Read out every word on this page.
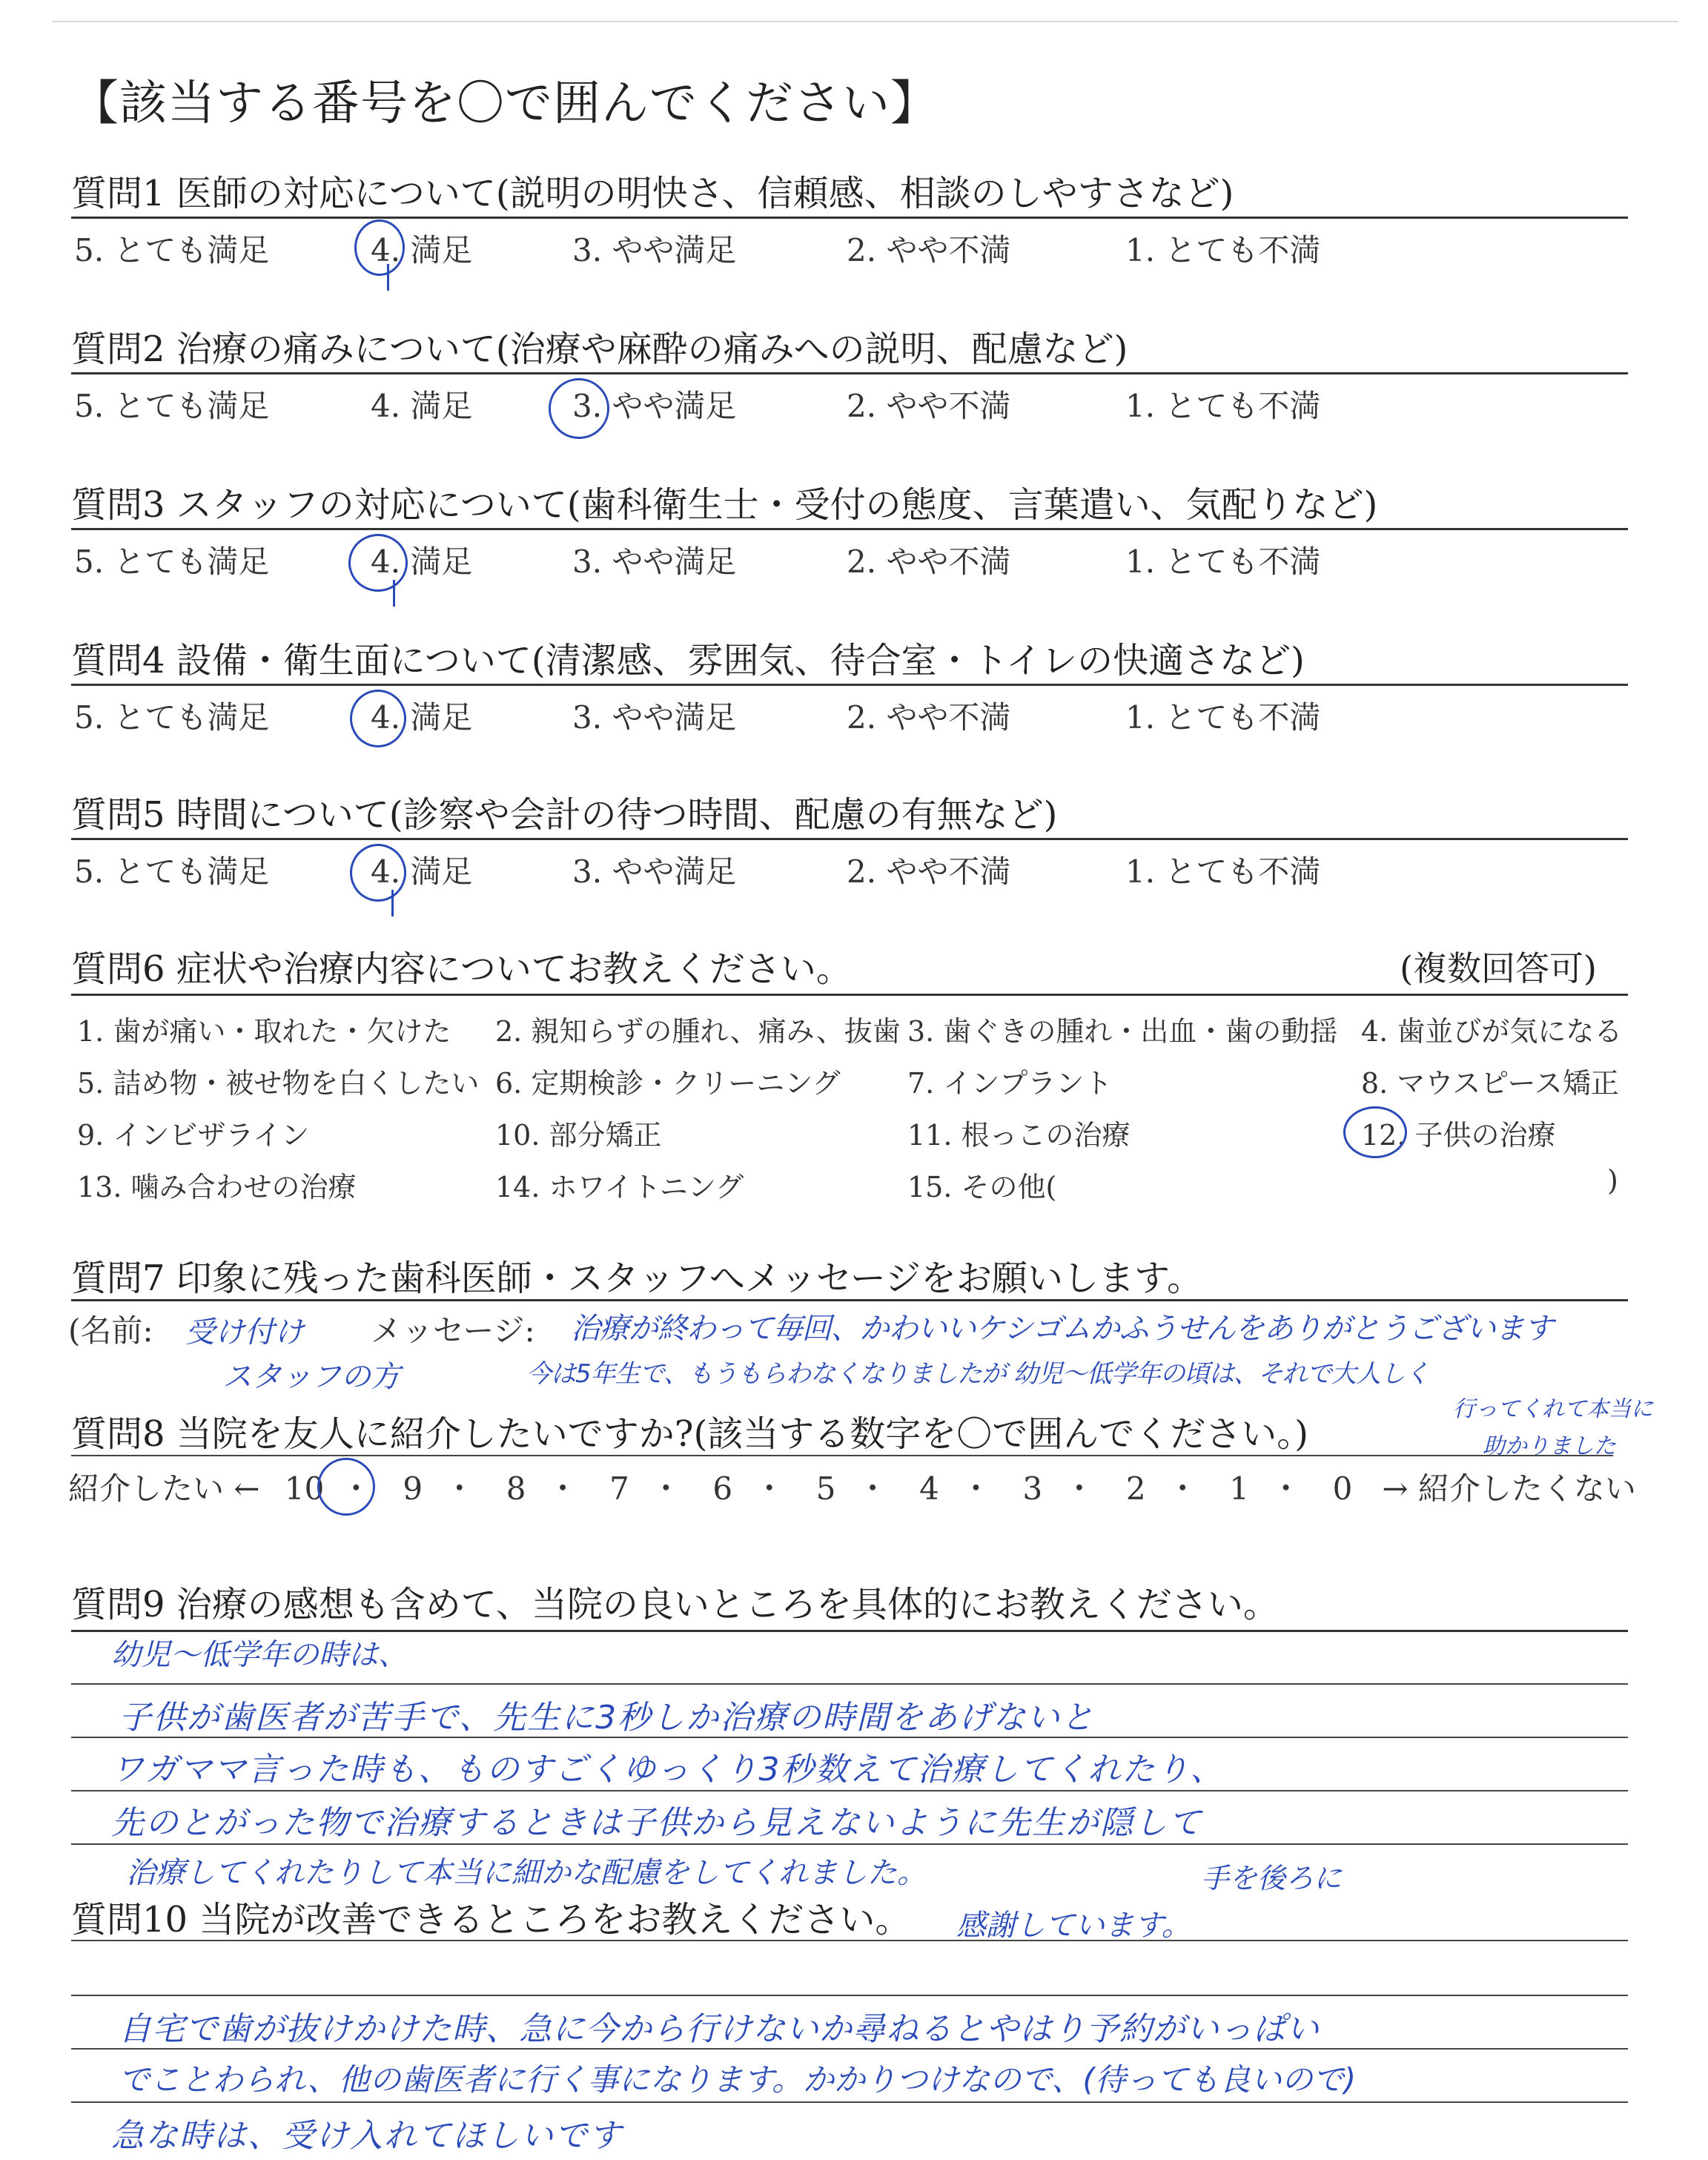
【該当する番号を〇で囲んでください】
質問1 医師の対応について(説明の明快さ、信頼感、相談のしやすさなど)
5. とても満足	4. 満足	3. やや満足	2. やや不満	1. とても不満
質問2 治療の痛みについて(治療や麻酔の痛みへの説明、配慮など)
5. とても満足	4. 満足	3. やや満足	2. やや不満	1. とても不満
質問3 スタッフの対応について(歯科衛生士・受付の態度、言葉遣い、気配りなど)
5. とても満足	4. 満足	3. やや満足	2. やや不満	1. とても不満
質問4 設備・衛生面について(清潔感、雰囲気、待合室・トイレの快適さなど)
5. とても満足	4. 満足	3. やや満足	2. やや不満	1. とても不満
質問5 時間について(診察や会計の待つ時間、配慮の有無など)
5. とても満足	4. 満足	3. やや満足	2. やや不満	1. とても不満
質問6 症状や治療内容についてお教えください。	(複数回答可)
1. 歯が痛い・取れた・欠けた 2. 親知らずの腫れ、痛み、抜歯 3. 歯ぐきの腫れ・出血・歯の動揺 4. 歯並びが気になる
5. 詰め物・被せ物を白くしたい 6. 定期検診・クリーニング 7. インプラント	8. マウスピース矯正
9. インビザライン	10. 部分矯正	11. 根っこの治療	12. 子供の治療
13. 噛み合わせの治療	14. ホワイトニング	15. その他(	)
質問7 印象に残った歯科医師・スタッフへメッセージをお願いします。
(名前:	メッセージ:
受け付け
スタッフの方
治療が終わって毎回、かわいいケシゴムかふうせんをありがとうございます
今は5年生で、もうもらわなくなりましたが 幼児〜低学年の頃は、それで大人しく
行ってくれて本当に
助かりました
質問8 当院を友人に紹介したいですか?(該当する数字を〇で囲んでください。)
紹介したい ← 10 ・ 9 ・ 8 ・ 7 ・ 6 ・ 5 ・ 4 ・ 3 ・ 2 ・ 1 ・ 0 → 紹介したくない
質問9 治療の感想も含めて、当院の良いところを具体的にお教えください。
幼児〜低学年の時は、
子供が歯医者が苦手で、先生に3秒しか治療の時間をあげないと
ワガママ言った時も、ものすごくゆっくり3秒数えて治療してくれたり、
先のとがった物で治療するときは子供から見えないように先生が隠して
治療してくれたりして本当に細かな配慮をしてくれました。	手を後ろに
感謝しています。
質問10 当院が改善できるところをお教えください。
自宅で歯が抜けかけた時、急に今から行けないか尋ねるとやはり予約がいっぱい
でことわられ、他の歯医者に行く事になります。かかりつけなので、(待っても良いので)
急な時は、受け入れてほしいです
